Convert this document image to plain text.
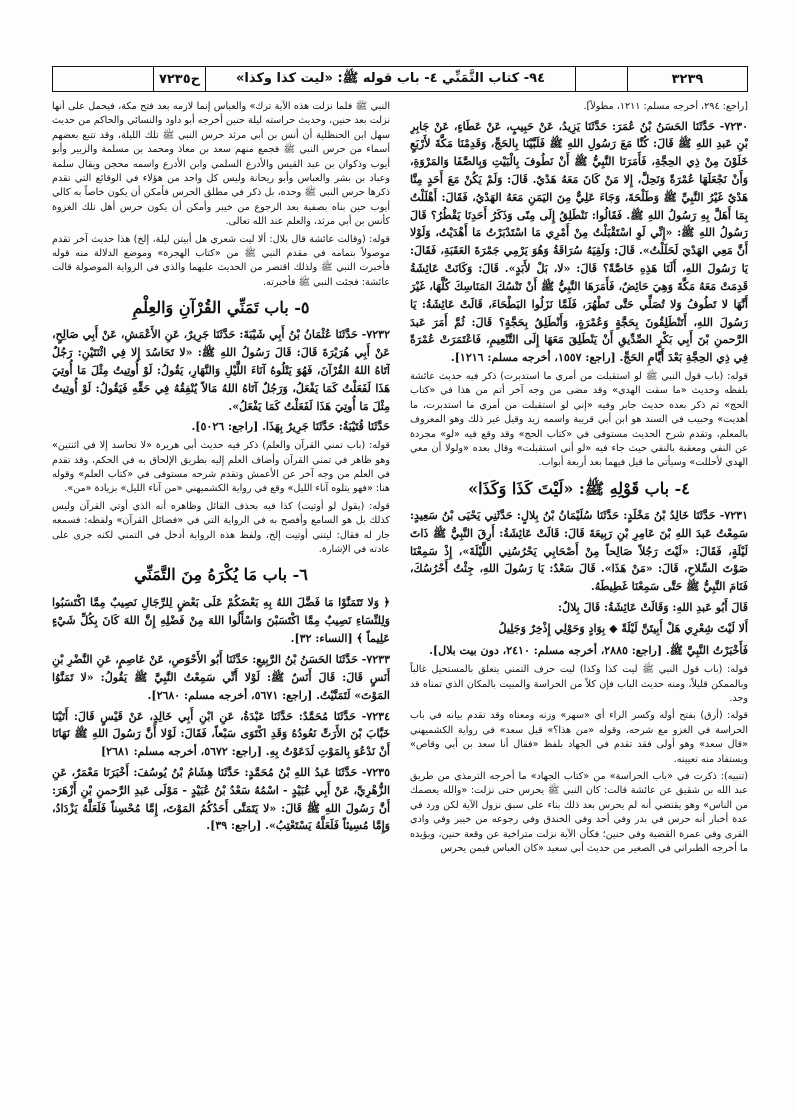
٣٢٣٩
٩٤- كتاب التَّمَنِّي ٤- باب قوله ﷺ: «ليت كذا وكذا»
ح٧٢٣٥

[راجع: ٢٩٤، أخرجه مسلم: ١٢١١، مطولاً].

٧٢٣٠- حَدَّثَنَا الحَسَنُ بْنُ عُمَرَ: حَدَّثَنَا يَزِيدُ، عَنْ حَبِيبٍ، عَنْ عَطَاءٍ، عَنْ جَابِرِ بْنِ عَبدِ اللهِ ﷺ قَالَ: كُنَّا مَعَ رَسُولِ اللهِ ﷺ فَلَبَّيْنَا بِالحَجِّ، وَقَدِمْنَا مَكَّةَ لأَرْبَعٍ خَلَوْنَ مِنْ ذِي الحِجَّةِ، فَأَمَرَنَا النَّبِيُّ ﷺ أَنْ نَطُوفَ بِالْبَيْتِ وَبِالصَّفَا وَالمَرْوَةِ، وَأَنْ نَجْعَلَهَا عُمْرَةً وَنَحِلَّ، إِلا مَنْ كَانَ مَعَهُ هَدْيٌ. قَالَ: وَلَمْ يَكُنْ مَعَ أَحَدٍ مِنَّا هَدْيٌ غَيْرُ النَّبِيِّ ﷺ وَطَلْحَةَ، وَجَاءَ عَلِيٌّ مِنَ اليَمَنِ مَعَهُ الهَدْيُ، فَقَالَ: أَهْلَلْتُ بِمَا أَهَلَّ بِهِ رَسُولُ اللهِ ﷺ. فَقَالُوا: نَنْطَلِقُ إِلَى مِنًى وَذَكَرُ أَحَدِنَا يَقْطُرُ؟ قَالَ رَسُولُ اللهِ ﷺ: «إِنِّي لَوِ اسْتَقْبَلْتُ مِنْ أَمْرِي مَا اسْتَدْبَرْتُ مَا أَهْدَيْتُ، وَلَوْلا أَنَّ مَعِي الهَدْيَ لَحَلَلْتُ». قَالَ: وَلَقِيَهُ سُرَاقَةُ وَهُوَ يَرْمِي جَمْرَةَ العَقَبَةِ، فَقَالَ: يَا رَسُولَ اللهِ، أَلَنَا هَذِهِ خَاصَّةً؟ قَالَ: «لا، بَلْ لأَبَدٍ». قَالَ: وَكَانَتْ عَائِشَةُ قَدِمَتْ مَعَهُ مَكَّةَ وَهِيَ حَائِضٌ، فَأَمَرَهَا النَّبِيُّ ﷺ أَنْ تَنْسُكَ المَنَاسِكَ كُلَّهَا، غَيْرَ أَنَّهَا لا تَطُوفُ وَلا تُصَلِّي حَتَّى تَطْهُرَ، فَلَمَّا نَزَلُوا البَطْحَاءَ، قَالَتْ عَائِشَةُ: يَا رَسُولَ اللهِ، أَتَنْطَلِقُونَ بِحَجَّةٍ وَعُمْرَةٍ، وَأَنْطَلِقُ بِحَجَّةٍ؟ قَالَ: ثُمَّ أَمَرَ عَبدَ الرَّحمنِ بْنَ أَبِي بَكْرٍ الصِّدِّيقِ أَنْ يَنْطَلِقَ مَعَهَا إِلَى التَّنْعِيمِ، فَاعْتَمَرَتْ عُمْرَةً فِي ذِي الحِجَّةِ بَعْدَ أَيَّامِ الحَجِّ. [راجع: ١٥٥٧، أخرجه مسلم: ١٢١٦].

قوله: (باب قول النبي ﷺ لو استقبلت من أمري ما استدبرت) ذكر فيه حديث عائشة بلفظه وحديث «ما سقت الهدي» وقد مضى من وجه آخر أتم من هذا في «كتاب الحج» ثم ذكر بعده حديث جابر وفيه «إني لو استقبلت من أمري ما استدبرت، ما أهديت» وحبيب في السند هو ابن أبي قريبة واسمه زيد وقيل غير ذلك وهو المعروف بالمعلم، وتقدم شرح الحديث مستوفى في «كتاب الحج» وقد وقع فيه «لو» مجردة عن النفي ومعقبة بالنفي حيث جاء فيه «لو أني استقبلت» وقال بعده «ولولا أن معي الهدي لأحللت» وسيأتي ما قيل فيهما بعد أربعة أبواب.

٤- باب قَوْلِهِ ﷺ: «لَيْتَ كَذَا وَكَذَا»

٧٢٣١- حَدَّثَنَا خَالِدُ بْنُ مَخْلَدٍ: حَدَّثَنَا سُلَيْمَانُ بْنُ بِلالٍ: حَدَّثَنِي يَحْيَى بْنُ سَعِيدٍ: سَمِعْتُ عَبدَ اللهِ بْنَ عَامِرِ بْنِ رَبِيعَةَ قَالَ: قَالَتْ عَائِشَةُ: أَرِقَ النَّبِيُّ ﷺ ذَاتَ لَيْلَةٍ، فَقَالَ: «لَيْتَ رَجُلاً صَالِحاً مِنْ أَصْحَابِي يَحْرُسُنِي اللَّيْلَةَ»، إِذْ سَمِعْنَا صَوْتَ السِّلاحِ، قَالَ: «مَنْ هَذَا». قَالَ سَعْدٌ: يَا رَسُولَ اللهِ، جِئْتُ أَحْرُسُكَ، فَنَامَ النَّبِيُّ ﷺ حَتَّى سَمِعْنَا غَطِيطَهُ.

قَالَ أَبُو عَبدِ اللهِ: وَقَالَتْ عَائِشَةُ: قَالَ بِلالٌ:

أَلا لَيْتَ شِعْرِي هَلْ أَبِيتَنَّ لَيْلَةً ◆ بِوَادٍ وَحَوْلِي إِذْخِرٌ وَجَلِيلُ

فَأَخْبَرْتُ النَّبِيَّ ﷺ. [راجع: ٢٨٨٥، أخرجه مسلم: ٢٤١٠، دون بيت بلال].

قوله: (باب قول النبي ﷺ ليت كذا وكذا) ليت حرف التمني يتعلق بالمستحيل غالباً وبالممكن قليلاً، ومنه حديث الباب فإن كلاً من الحراسة والمبيت بالمكان الذي تمناه قد وجد.

قوله: (أرق) بفتح أوله وكسر الراء أي «سهر» وزنه ومعناه وقد تقدم بيانه في باب الحراسة في الغزو مع شرحه، وقوله «من هذا؟» قيل سعد» في رواية الكشميهني «قال سعد» وهو أولى فقد تقدم في الجهاد بلفظ «فقال أنا سعد بن أبي وقاص» ويستفاد منه تعيينه.

(تنبيه): ذكرت في «باب الحراسة» من «كتاب الجهاد» ما أخرجه الترمذي من طريق عبد الله بن شقيق عن عائشة قالت: كان النبي ﷺ يحرس حتى نزلت: «والله يعصمك من الناس» وهو يقتضي أنه لم يحرس بعد ذلك بناء على سبق نزول الآية لكن ورد في عدة أخبار أنه حرس في بدر وفي أحد وفي الخندق وفي رجوعه من خيبر وفي وادي القرى وفي عمرة القضية وفي حنين؛ فكأن الآية نزلت متراخية عن وقعة حنين، ويؤيده ما أخرجه الطبراني في الصغير من حديث أبي سعيد «كان العباس فيمن يحرس

النبي ﷺ فلما نزلت هذه الآية ترك» والعباس إنما لازمه بعد فتح مكة، فيحمل على أنها نزلت بعد حنين، وحديث حراسته ليلة حنين أخرجه أبو داود والنسائي والحاكم من حديث سهل ابن الحنظلية أن أنس بن أبي مرثد حرس النبي ﷺ تلك الليلة، وقد تتبع بعضهم أسماء من حرس النبي ﷺ فجمع منهم سعد بن معاذ ومحمد بن مسلمة والزبير وأبو أيوب وذكوان بن عبد القيس والأدرع السلمي وابن الأدرع واسمه محجن ويقال سلمة وعباد بن بشر والعباس وأبو ريحانة وليس كل واحد من هؤلاء في الوقائع التي تقدم ذكرها حرس النبي ﷺ وحده، بل ذكر في مطلق الحرس فأمكن أن يكون خاصاً به كالي أيوب حين بناه بصفية بعد الرجوع من خيبر وأمكن أن يكون حرس أهل تلك الغزوة كأنس بن أبي مرثد، والعلم عند الله تعالى.

قوله: (وقالت عائشة قال بلال: ألا ليت شعري هل أبيتن ليلة، إلخ) هذا حديث آخر تقدم موصولاً بتمامه في مقدم النبي ﷺ من «كتاب الهجرة» وموضع الدلالة منه قوله فأخبرت النبي ﷺ ولذلك اقتصر من الحديث عليهما والذي في الرواية الموصولة قالت عائشة: فجئت النبي ﷺ فأخبرته.

٥- باب تَمَنِّي القُرْآنِ وَالعِلْمِ

٧٢٣٢- حَدَّثَنَا عُثْمَانُ بْنُ أَبِي شَيْبَةَ: حَدَّثَنَا جَرِيرٌ، عَنِ الأَعْمَشِ، عَنْ أَبِي صَالِحٍ، عَنْ أَبِي هُرَيْرَةَ قَالَ: قَالَ رَسُولُ اللهِ ﷺ: «لا تَحَاسُدَ إِلا فِي اثْنَتَيْنِ: رَجُلٌ آتَاهُ اللهُ القُرْآنَ، فَهُوَ يَتْلُوهُ آنَاءَ اللَّيْلِ وَالنَّهَارِ، يَقُولُ: لَوْ أُوتِيتُ مِثْلَ مَا أُوتِيَ هَذَا لَفَعَلْتُ كَمَا يَفْعَلُ، وَرَجُلٌ آتَاهُ اللهُ مَالاً يُنْفِقُهُ فِي حَقِّهِ فَيَقُولُ: لَوْ أُوتِيتُ مِثْلَ مَا أُوتِيَ هَذَا لَفَعَلْتُ كَمَا يَفْعَلُ».

حَدَّثَنَا قُتَيْبَةُ: حَدَّثَنَا جَرِيرٌ بِهَذَا. [راجع: ٥٠٢٦].

قوله: (باب تمني القرآن والعلم) ذكر فيه حديث أبي هريرة «لا تحاسد إلا في اثنتين» وهو ظاهر في تمني القرآن وأضاف العلم إليه بطريق الإلحاق به في الحكم، وقد تقدم في العلم من وجه آخر عن الأعمش وتقدم شرحه مستوفى في «كتاب العلم» وقوله هنا: «فهو يتلوه آناء الليل» وقع في رواية الكشميهني «من آناء الليل» بزيادة «من».

قوله: (يقول لو أوتيت) كذا فيه بحذف القائل وظاهره أنه الذي أوتي القرآن وليس كذلك بل هو السامع وأفصح به في الرواية التي في «فضائل القرآن» ولفظه: فسمعه جار له فقال: ليتني أوتيت إلخ، ولفظ هذه الرواية أدخل في التمني لكنه جرى على عادته في الإشارة.

٦- باب مَا يُكْرَهُ مِنَ التَّمَنِّي

﴿ وَلا تَتَمَنَّوْا مَا فَضَّلَ اللهُ بِهِ بَعْضَكُمْ عَلَى بَعْضٍ لِلرِّجَالِ نَصِيبٌ مِمَّا اكْتَسَبُوا وَلِلنِّسَاءِ نَصِيبٌ مِمَّا اكْتَسَبْنَ وَاسْأَلُوا اللهَ مِنْ فَضْلِهِ إِنَّ اللهَ كَانَ بِكُلِّ شَيْءٍ عَلِيماً ﴾ [النساء: ٣٢].

٧٢٣٣- حَدَّثَنَا الحَسَنُ بْنُ الرَّبِيعِ: حَدَّثَنَا أَبُو الأَحْوَصِ، عَنْ عَاصِمٍ، عَنِ النَّضْرِ بْنِ أَنَسٍ قَالَ: قَالَ أَنَسٌ ﷺ: لَوْلا أَنِّي سَمِعْتُ النَّبِيَّ ﷺ يَقُولُ: «لا تَمَنَّوُا المَوْتَ» لَتَمَنَّيْتُ. [راجع: ٥٦٧١، أخرجه مسلم: ٢٦٨٠].

٧٢٣٤- حَدَّثَنَا مُحَمَّدٌ: حَدَّثَنَا عَبْدَةُ، عَنِ ابْنِ أَبِي خَالِدٍ، عَنْ قَيْسٍ قَالَ: أَتَيْنَا خَبَّابَ بْنَ الأَرَتِّ نَعُودُهُ وَقَدِ اكْتَوَى سَبْعاً، فَقَالَ: لَوْلا أَنَّ رَسُولَ اللهِ ﷺ نَهَانَا أَنْ نَدْعُوَ بِالمَوْتِ لَدَعَوْتُ بِهِ. [راجع: ٥٦٧٢، أخرجه مسلم: ٢٦٨١]

٧٢٣٥- حَدَّثَنَا عَبدُ اللهِ بْنُ مُحَمَّدٍ: حَدَّثَنَا هِشَامُ بْنُ يُوسُفَ: أَخْبَرَنَا مَعْمَرٌ، عَنِ الزُّهْرِيِّ، عَنْ أَبِي عُبَيْدٍ - اسْمُهُ سَعْدُ بْنُ عُبَيْدٍ - مَوْلَى عَبدِ الرَّحمنِ بْنِ أَزْهَرَ: أَنَّ رَسُولَ اللهِ ﷺ قَالَ: «لا يَتَمَنَّى أَحَدُكُمُ المَوْتَ، إِمَّا مُحْسِناً فَلَعَلَّهُ يَزْدَادُ، وَإِمَّا مُسِيئاً فَلَعَلَّهُ يَسْتَعْتِبُ». [راجع: ٣٩].
